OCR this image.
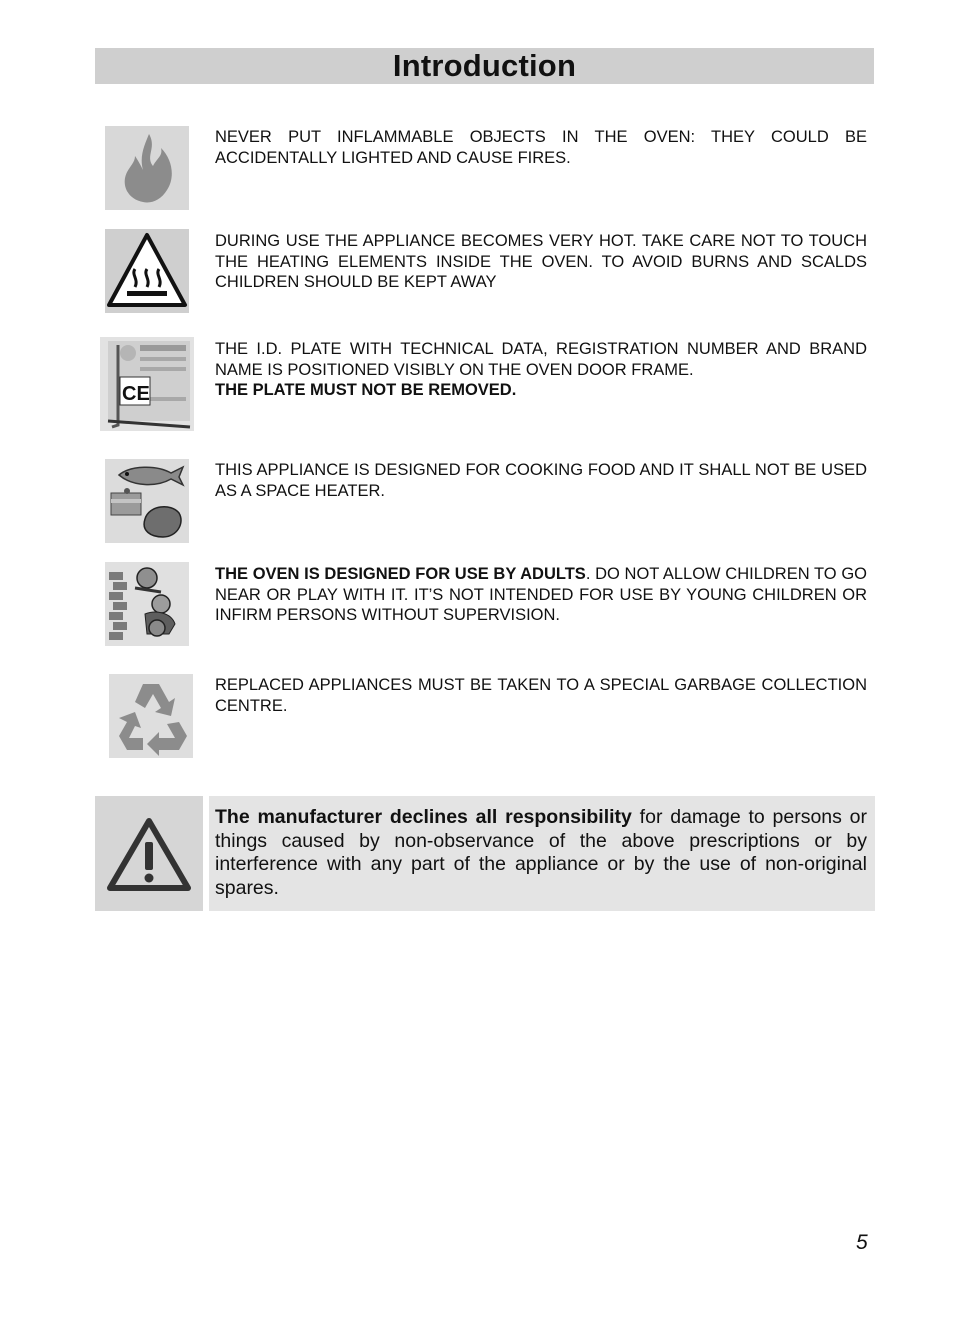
Introduction
NEVER PUT INFLAMMABLE OBJECTS IN THE OVEN: THEY COULD BE ACCIDENTALLY LIGHTED AND CAUSE FIRES.
DURING USE THE APPLIANCE BECOMES VERY HOT. TAKE CARE NOT TO TOUCH THE HEATING ELEMENTS INSIDE THE OVEN. TO AVOID BURNS AND SCALDS CHILDREN SHOULD BE KEPT AWAY
CE
THE I.D. PLATE WITH TECHNICAL DATA, REGISTRATION NUMBER AND BRAND NAME IS POSITIONED VISIBLY ON THE OVEN DOOR FRAME.
THE PLATE MUST NOT BE REMOVED.
THIS APPLIANCE IS DESIGNED FOR COOKING FOOD AND IT SHALL NOT BE USED AS A SPACE HEATER.
THE OVEN IS DESIGNED FOR USE BY ADULTS. DO NOT ALLOW CHILDREN TO GO NEAR OR PLAY WITH IT. IT’S NOT INTENDED FOR USE BY YOUNG CHILDREN OR INFIRM PERSONS WITHOUT SUPERVISION.
REPLACED APPLIANCES MUST BE TAKEN TO A SPECIAL GARBAGE COLLECTION CENTRE.
The manufacturer declines all responsibility for damage to persons or things caused by non-observance of the above prescriptions or by interference with any part of the appliance or by the use of non-original spares.
5
